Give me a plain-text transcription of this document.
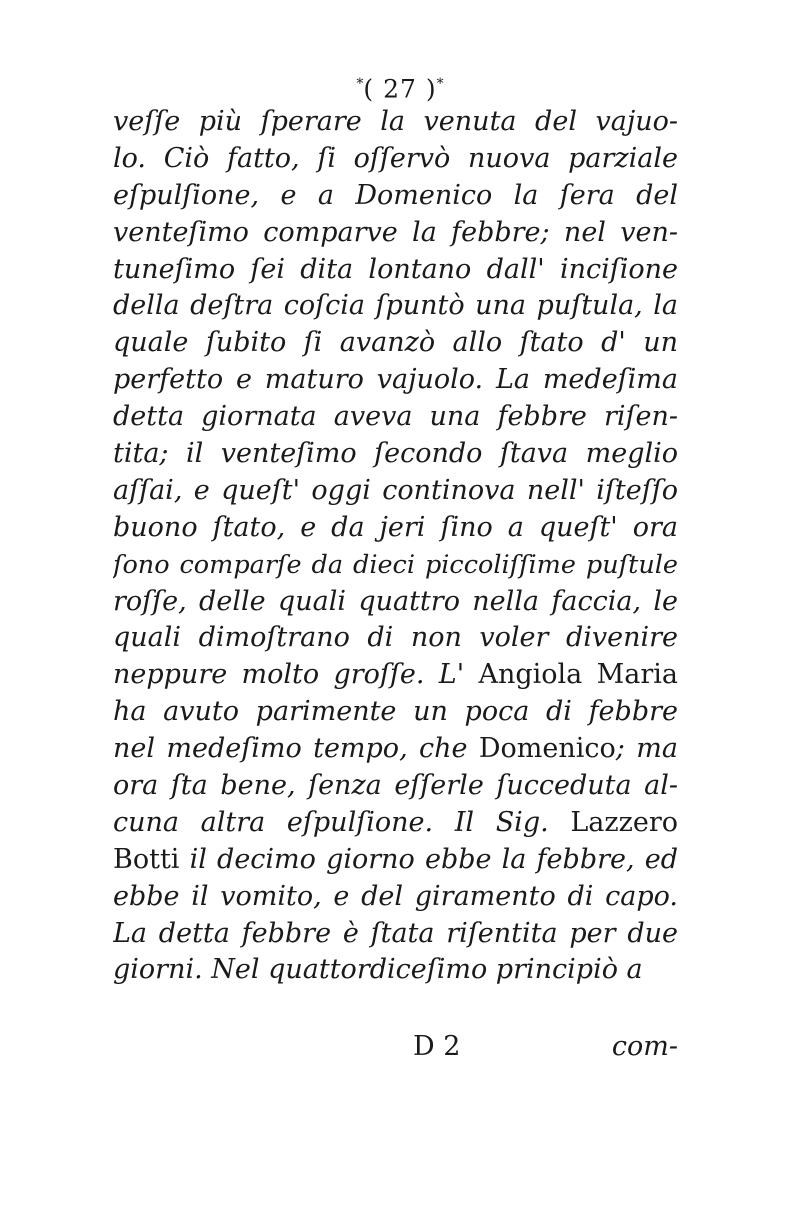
*( 27 )*
veſſe più ſperare la venuta del vajuo-
lo. Ciò fatto, ſi oſſervò nuova parziale
eſpulſione, e a Domenico la ſera del
venteſimo comparve la febbre; nel ven-
tuneſimo ſei dita lontano dall' inciſione
della deſtra coſcia ſpuntò una puſtula, la
quale ſubito ſi avanzò allo ſtato d' un
perfetto e maturo vajuolo. La medeſima
detta giornata aveva una febbre riſen-
tita; il venteſimo ſecondo ſtava meglio
aſſai, e queſt' oggi continova nell' iſteſſo
buono ſtato, e da jeri ſino a queſt' ora
ſono comparſe da dieci piccoliſſime puſtule
roſſe, delle quali quattro nella faccia, le
quali dimoſtrano di non voler divenire
neppure molto groſſe. L' Angiola Maria
ha avuto parimente un poca di febbre
nel medeſimo tempo, che Domenico; ma
ora ſta bene, ſenza eſſerle ſucceduta al-
cuna altra eſpulſione. Il Sig. Lazzero
Botti il decimo giorno ebbe la febbre, ed
ebbe il vomito, e del giramento di capo.
La detta febbre è ſtata riſentita per due
giorni. Nel quattordiceſimo principiò a
D 2	com-
